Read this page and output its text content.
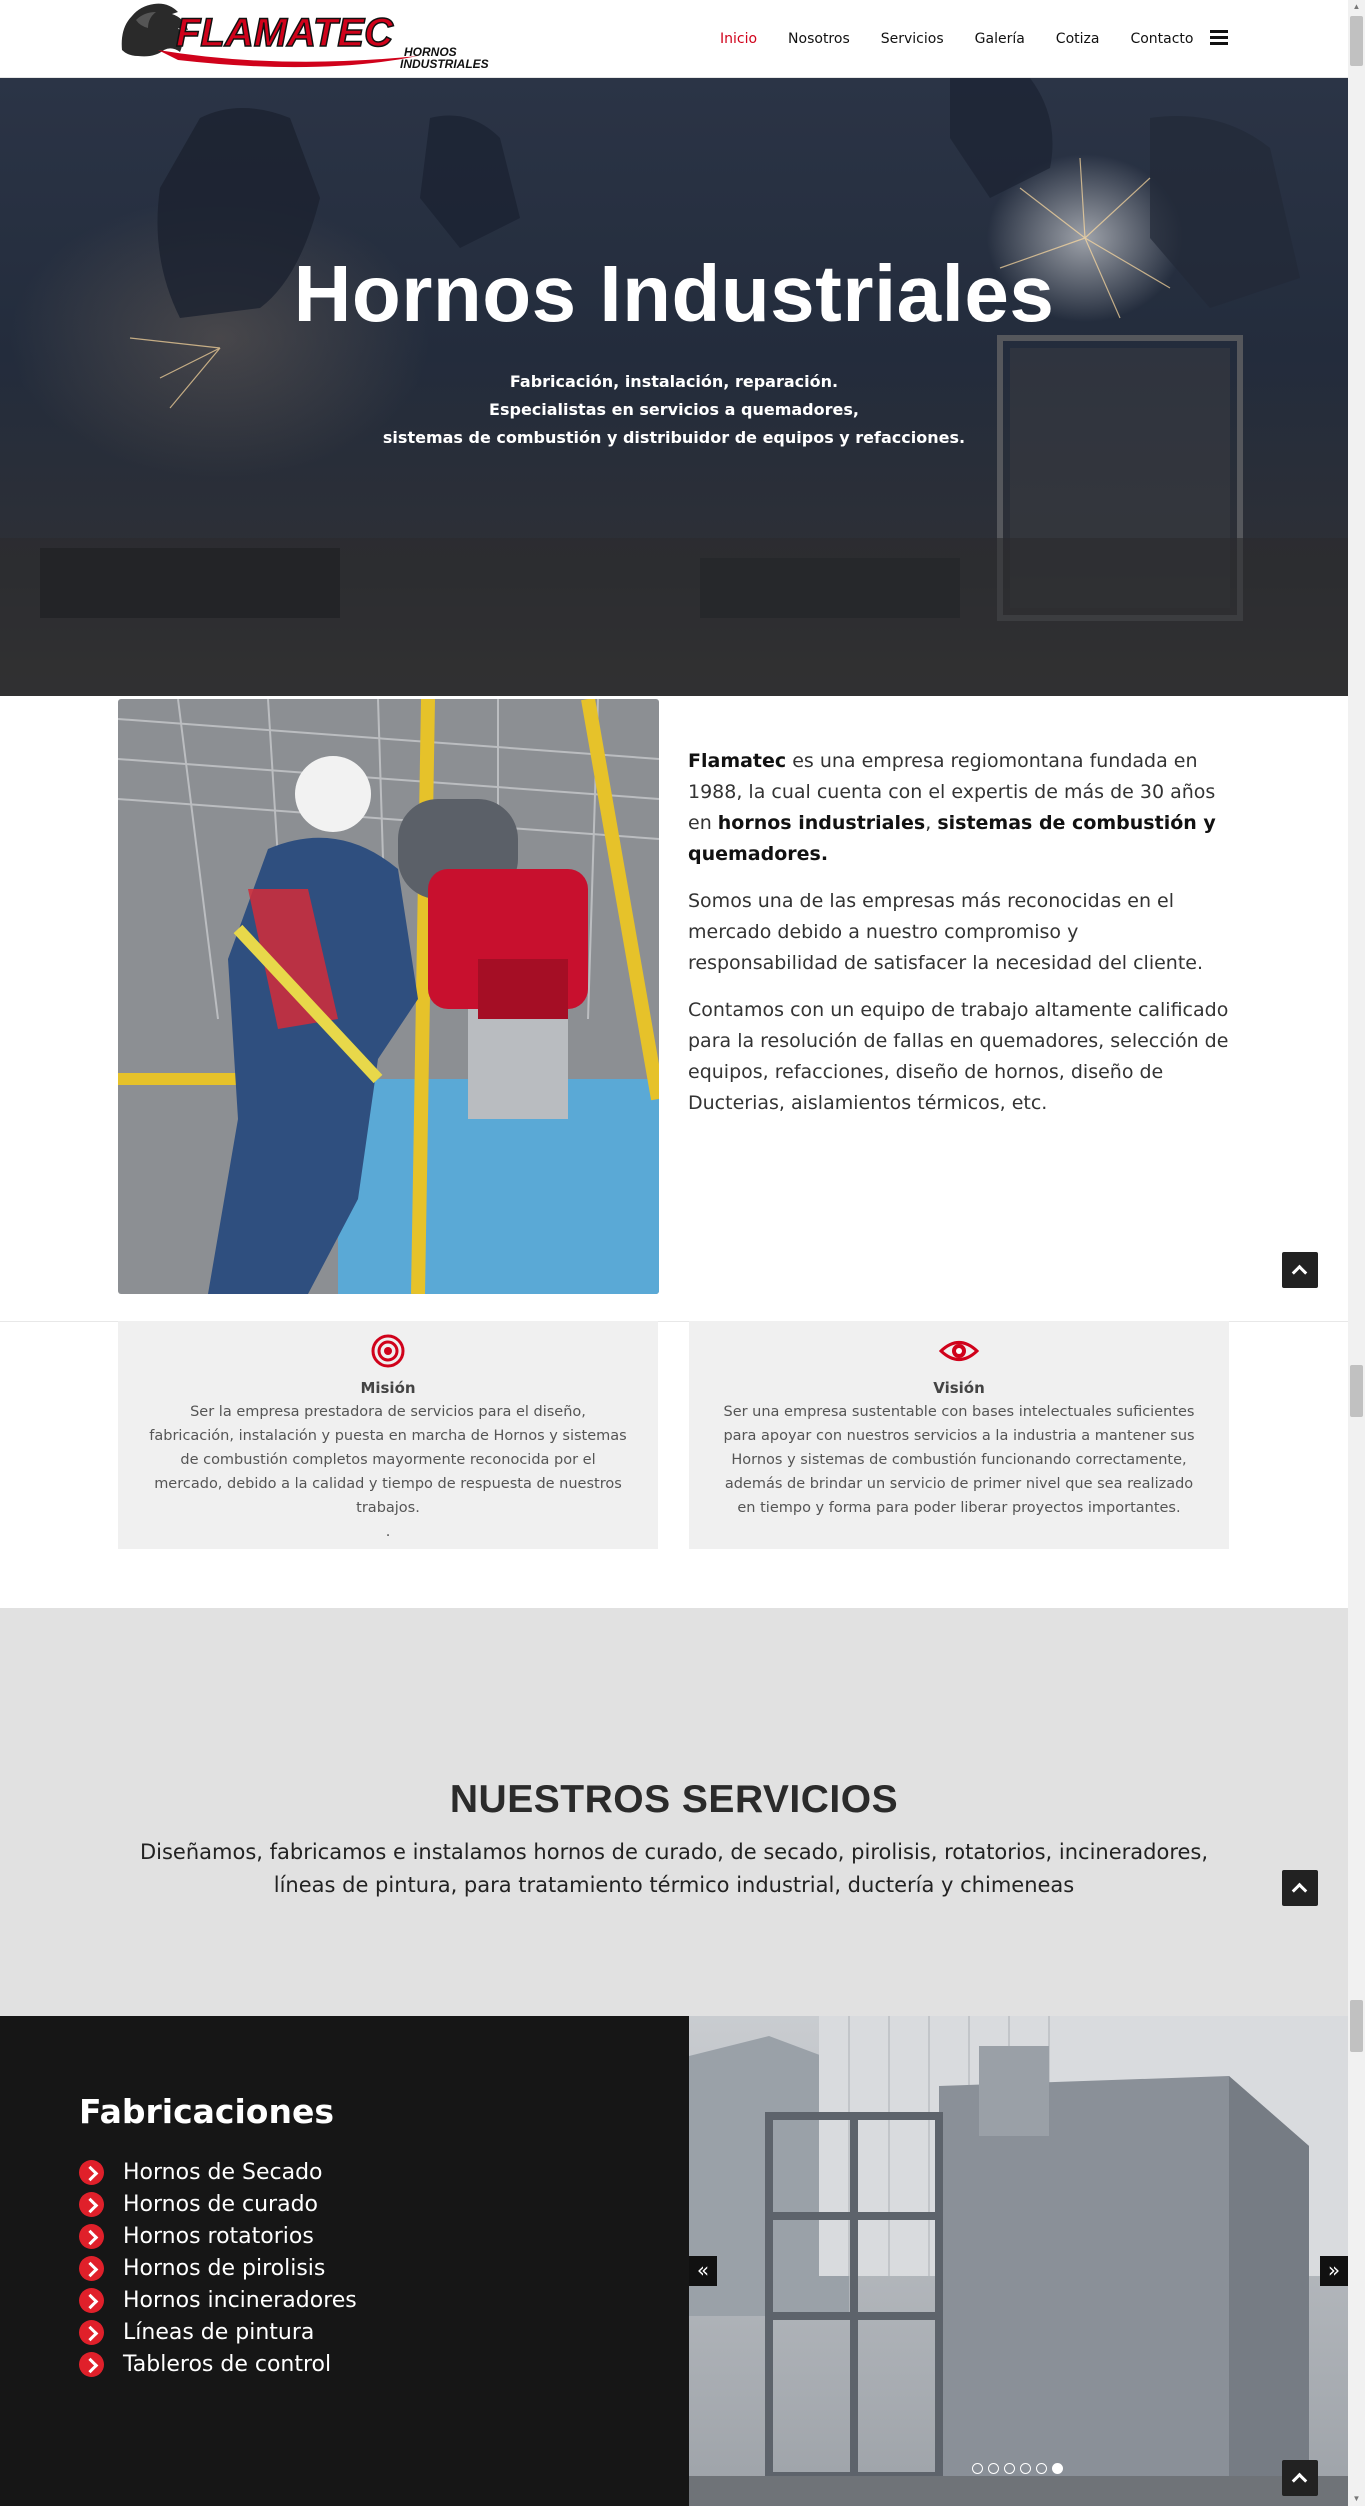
FLAMATEC HORNOS
INDUSTRIALES
Inicio Nosotros Servicios Galería Cotiza Contacto
Hornos Industriales
Fabricación, instalación, reparación.
Especialistas en servicios a quemadores,
sistemas de combustión y distribuidor de equipos y refacciones.

Flamatec es una empresa regiomontana fundada en 1988, la cual cuenta con el expertis de más de 30 años en hornos industriales, sistemas de combustión y quemadores.

Somos una de las empresas más reconocidas en el mercado debido a nuestro compromiso y responsabilidad de satisfacer la necesidad del cliente.

Contamos con un equipo de trabajo altamente calificado para la resolución de fallas en quemadores, selección de equipos, refacciones, diseño de hornos, diseño de Ducterias, aislamientos térmicos, etc.

Misión
Ser la empresa prestadora de servicios para el diseño, fabricación, instalación y puesta en marcha de Hornos y sistemas de combustión completos mayormente reconocida por el mercado, debido a la calidad y tiempo de respuesta de nuestros trabajos.
.
Visión
Ser una empresa sustentable con bases intelectuales suficientes para apoyar con nuestros servicios a la industria a mantener sus Hornos y sistemas de combustión funcionando correctamente, además de brindar un servicio de primer nivel que sea realizado en tiempo y forma para poder liberar proyectos importantes.
NUESTROS SERVICIOS
Diseñamos, fabricamos e instalamos hornos de curado, de secado, pirolisis, rotatorios, incineradores, líneas de pintura, para tratamiento térmico industrial, ductería y chimeneas
Fabricaciones
Hornos de Secado
Hornos de curado
Hornos rotatorios
Hornos de pirolisis
Hornos incineradores
Líneas de pintura
Tableros de control
«	»
▲
▼
